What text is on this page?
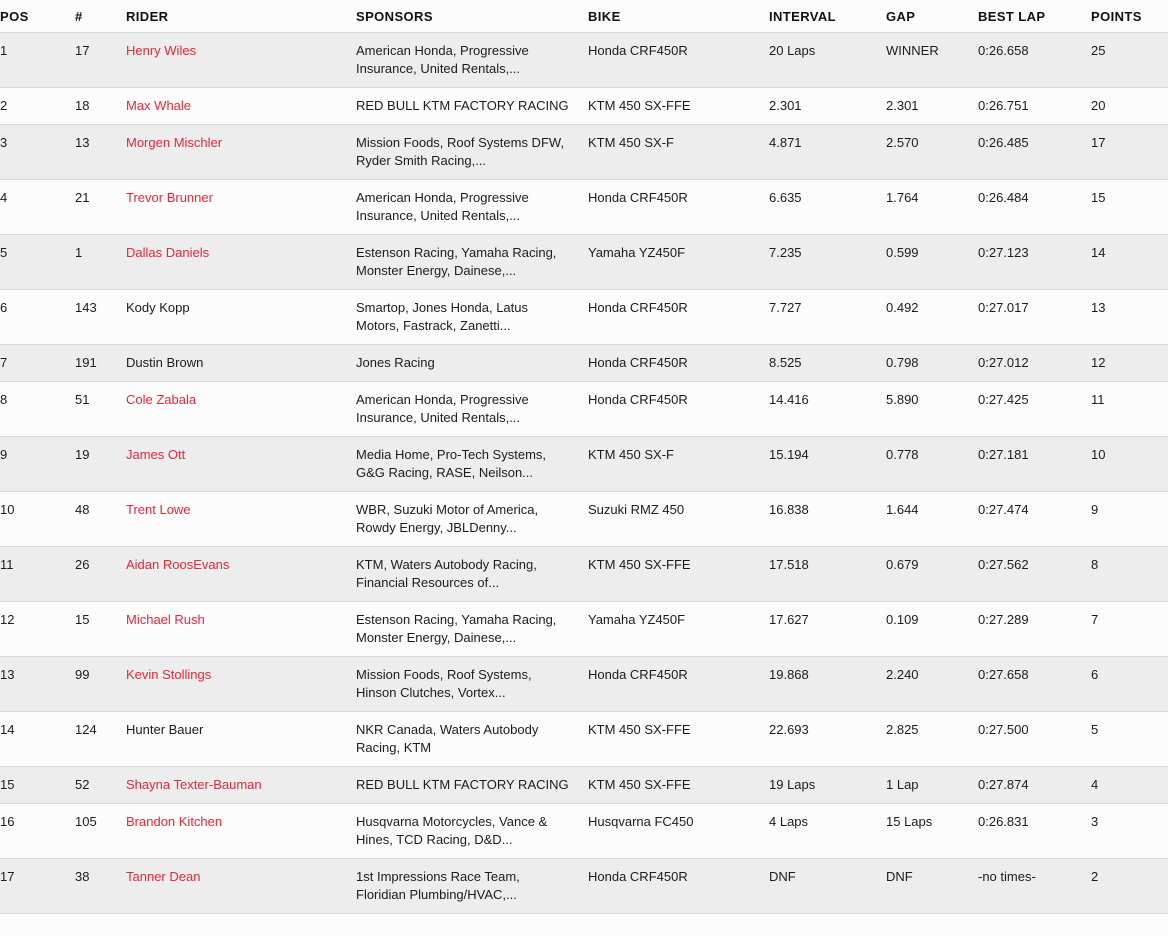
POS	#	RIDER	SPONSORS	BIKE	INTERVAL	GAP	BEST LAP	POINTS
1	17	Henry Wiles	American Honda, Progressive Insurance, United Rentals,...	Honda CRF450R	20 Laps	WINNER	0:26.658	25
2	18	Max Whale	RED BULL KTM FACTORY RACING	KTM 450 SX-FFE	2.301	2.301	0:26.751	20
3	13	Morgen Mischler	Mission Foods, Roof Systems DFW, Ryder Smith Racing,...	KTM 450 SX-F	4.871	2.570	0:26.485	17
4	21	Trevor Brunner	American Honda, Progressive Insurance, United Rentals,...	Honda CRF450R	6.635	1.764	0:26.484	15
5	1	Dallas Daniels	Estenson Racing, Yamaha Racing, Monster Energy, Dainese,...	Yamaha YZ450F	7.235	0.599	0:27.123	14
6	143	Kody Kopp	Smartop, Jones Honda, Latus Motors, Fastrack, Zanetti...	Honda CRF450R	7.727	0.492	0:27.017	13
7	191	Dustin Brown	Jones Racing	Honda CRF450R	8.525	0.798	0:27.012	12
8	51	Cole Zabala	American Honda, Progressive Insurance, United Rentals,...	Honda CRF450R	14.416	5.890	0:27.425	11
9	19	James Ott	Media Home, Pro-Tech Systems, G&G Racing, RASE, Neilson...	KTM 450 SX-F	15.194	0.778	0:27.181	10
10	48	Trent Lowe	WBR, Suzuki Motor of America, Rowdy Energy, JBLDenny...	Suzuki RMZ 450	16.838	1.644	0:27.474	9
11	26	Aidan RoosEvans	KTM, Waters Autobody Racing, Financial Resources of...	KTM 450 SX-FFE	17.518	0.679	0:27.562	8
12	15	Michael Rush	Estenson Racing, Yamaha Racing, Monster Energy, Dainese,...	Yamaha YZ450F	17.627	0.109	0:27.289	7
13	99	Kevin Stollings	Mission Foods, Roof Systems, Hinson Clutches, Vortex...	Honda CRF450R	19.868	2.240	0:27.658	6
14	124	Hunter Bauer	NKR Canada, Waters Autobody Racing, KTM	KTM 450 SX-FFE	22.693	2.825	0:27.500	5
15	52	Shayna Texter-Bauman	RED BULL KTM FACTORY RACING	KTM 450 SX-FFE	19 Laps	1 Lap	0:27.874	4
16	105	Brandon Kitchen	Husqvarna Motorcycles, Vance & Hines, TCD Racing, D&D...	Husqvarna FC450	4 Laps	15 Laps	0:26.831	3
17	38	Tanner Dean	1st Impressions Race Team, Floridian Plumbing/HVAC,...	Honda CRF450R	DNF	DNF	-no times-	2
